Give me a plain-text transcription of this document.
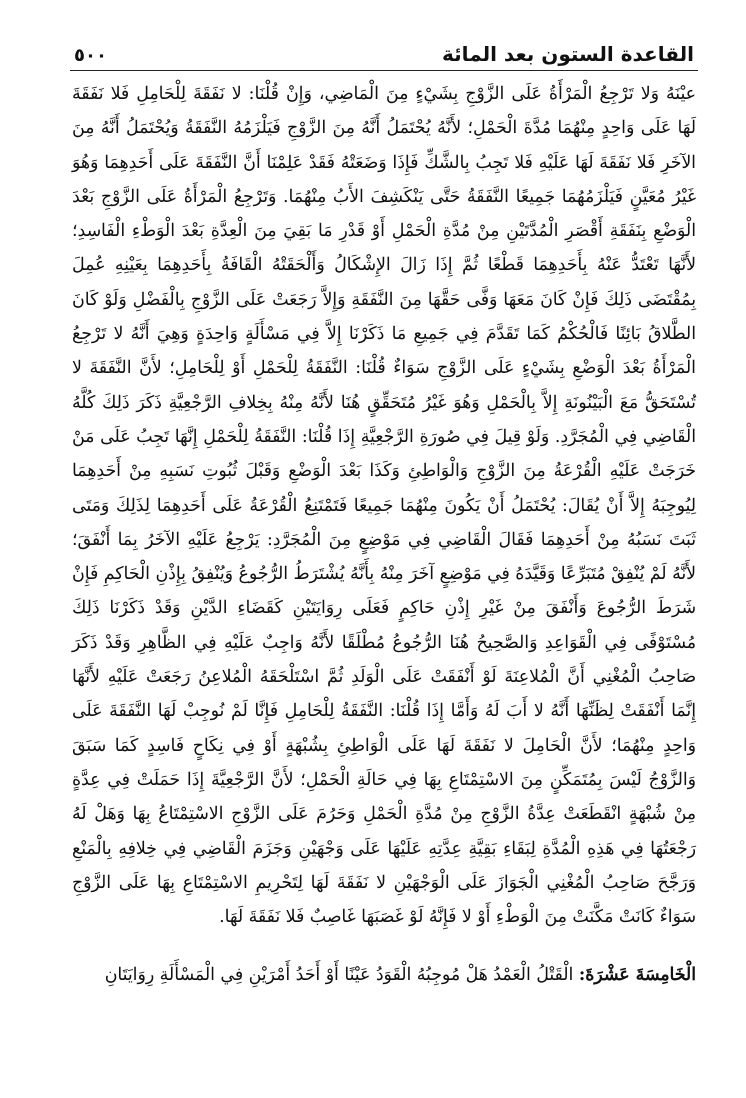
القاعدة الستون بعد المائة
٥٠٠

عيْنَهُ وَلا تَرْجِعُ الْمَرْأَةُ عَلَى الزَّوْجِ بِشَيْءٍ مِنَ الْمَاضِي، وَإِنْ قُلْنَا: لا نَفَقَةَ لِلْحَامِلِ فَلا نَفَقَةَ لَهَا عَلَى وَاحِدٍ مِنْهُمَا مُدَّةَ الْحَمْلِ؛ لأَنَّهُ يُحْتَمَلُ أَنَّهُ مِنَ الزَّوْجِ فَيَلْزَمُهُ النَّفَقَةُ وَيُحْتَمَلُ أَنَّهُ مِنَ الآخَرِ فَلا نَفَقَةَ لَهَا عَلَيْهِ فَلا تَجِبُ بِالشَّكِّ فَإِذَا وَضَعَتْهُ فَقَدْ عَلِمْنَا أَنَّ النَّفَقَةَ عَلَى أَحَدِهِمَا وَهُوَ غَيْرُ مُعَيَّنٍ فَيَلْزَمُهُمَا جَمِيعًا النَّفَقَةُ حَتَّى يَنْكَشِفَ الأَبُ مِنْهُمَا. وَتَرْجِعُ الْمَرْأَةُ عَلَى الزَّوْجِ بَعْدَ الْوَضْعِ بِنَفَقَةِ أَقْصَرِ الْمُدَّتَيْنِ مِنْ مُدَّةِ الْحَمْلِ أَوْ قَدْرِ مَا بَقِيَ مِنَ الْعِدَّةِ بَعْدَ الْوَطْءِ الْفَاسِدِ؛ لأَنَّهَا تَعْتَدُّ عَنْهُ بِأَحَدِهِمَا قَطْعًا ثُمَّ إِذَا زَالَ الإِشْكَالُ وَأَلْحَقَتْهُ الْقَافَةُ بِأَحَدِهِمَا بِعَيْنِهِ عُمِلَ بِمُقْتَضَى ذَلِكَ فَإِنْ كَانَ مَعَهَا وَفَّى حَقَّهَا مِنَ النَّفَقَةِ وَإِلاَّ رَجَعَتْ عَلَى الزَّوْجِ بِالْفَضْلِ وَلَوْ كَانَ الطَّلاقُ بَائِنًا فَالْحُكْمُ كَمَا تَقَدَّمَ فِي جَمِيعِ مَا ذَكَرْنَا إِلاَّ فِي مَسْأَلَةٍ وَاحِدَةٍ وَهِيَ أَنَّهُ لا تَرْجِعُ الْمَرْأَةُ بَعْدَ الْوَضْعِ بِشَيْءٍ عَلَى الزَّوْجِ سَوَاءٌ قُلْنَا: النَّفَقَةُ لِلْحَمْلِ أَوْ لِلْحَامِلِ؛ لأَنَّ النَّفَقَةَ لا تُسْتَحَقُّ مَعَ الْبَيْنُونَةِ إِلاَّ بِالْحَمْلِ وَهُوَ غَيْرُ مُتَحَقِّقٍ هُنَا لأَنَّهُ مِنْهُ بِخِلافِ الرَّجْعِيَّةِ ذَكَرَ ذَلِكَ كُلَّهُ الْقَاضِي فِي الْمُجَرَّدِ. وَلَوْ قِيلَ فِي صُورَةِ الرَّجْعِيَّةِ إِذَا قُلْنَا: النَّفَقَةُ لِلْحَمْلِ إِنَّهَا تَجِبُ عَلَى مَنْ خَرَجَتْ عَلَيْهِ الْقُرْعَةُ مِنَ الزَّوْجِ وَالْوَاطِئِ وَكَذَا بَعْدَ الْوَضْعِ وَقَبْلَ ثُبُوتِ نَسَبِهِ مِنْ أَحَدِهِمَا لِيُوجِبَهُ إِلاَّ أَنْ يُقَالَ: يُحْتَمَلُ أَنْ يَكُونَ مِنْهُمَا جَمِيعًا فَتَمْتَنِعُ الْقُرْعَةُ عَلَى أَحَدِهِمَا لِذَلِكَ وَمَتَى ثَبَتَ نَسَبُهُ مِنْ أَحَدِهِمَا فَقَالَ الْقَاضِي فِي مَوْضِعٍ مِنَ الْمُجَرَّدِ: يَرْجِعُ عَلَيْهِ الآخَرُ بِمَا أَنْفَقَ؛ لأَنَّهُ لَمْ يُنْفِقْ مُتَبَرِّعًا وَقَيَّدَهُ فِي مَوْضِعٍ آخَرَ مِنْهُ بِأَنَّهُ يُشْتَرَطُ الرُّجُوعُ وَيُنْفِقُ بِإِذْنِ الْحَاكِمِ فَإِنْ شَرَطَ الرُّجُوعَ وَأَنْفَقَ مِنْ غَيْرِ إِذْنِ حَاكِمٍ فَعَلَى رِوَايَتَيْنِ كَقَضَاءِ الدَّيْنِ وَقَدْ ذَكَرْنَا ذَلِكَ مُسْتَوْفًى فِي الْقَوَاعِدِ وَالصَّحِيحُ هُنَا الرُّجُوعُ مُطْلَقًا لأَنَّهُ وَاجِبٌ عَلَيْهِ فِي الظَّاهِرِ وَقَدْ ذَكَرَ صَاحِبُ الْمُغْنِي أَنَّ الْمُلاعِنَةَ لَوْ أَنْفَقَتْ عَلَى الْوَلَدِ ثُمَّ اسْتَلْحَقَهُ الْمُلاعِنُ رَجَعَتْ عَلَيْهِ لأَنَّهَا إِنَّمَا أَنْفَقَتْ لِظَنِّهَا أَنَّهُ لا أَبَ لَهُ وَأَمَّا إِذَا قُلْنَا: النَّفَقَةُ لِلْحَامِلِ فَإِنَّا لَمْ نُوجِبْ لَهَا النَّفَقَةَ عَلَى وَاحِدٍ مِنْهُمَا؛ لأَنَّ الْحَامِلَ لا نَفَقَةَ لَهَا عَلَى الْوَاطِئِ بِشُبْهَةٍ أَوْ فِي نِكَاحٍ فَاسِدٍ كَمَا سَبَقَ وَالزَّوْجُ لَيْسَ بِمُتَمَكِّنٍ مِنَ الاسْتِمْتَاعِ بِهَا فِي حَالَةِ الْحَمْلِ؛ لأَنَّ الرَّجْعِيَّةَ إِذَا حَمَلَتْ فِي عِدَّةٍ مِنْ شُبْهَةٍ انْقَطَعَتْ عِدَّةُ الزَّوْجِ مِنْ مُدَّةِ الْحَمْلِ وَحَرُمَ عَلَى الزَّوْجِ الاسْتِمْتَاعُ بِهَا وَهَلْ لَهُ رَجْعَتُهَا فِي هَذِهِ الْمُدَّةِ لِبَقَاءِ بَقِيَّةِ عِدَّتِهِ عَلَيْهَا عَلَى وَجْهَيْنِ وَجَزَمَ الْقَاضِي فِي خِلافِهِ بِالْمَنْعِ وَرَجَّحَ صَاحِبُ الْمُغْنِي الْجَوَازَ عَلَى الْوَجْهَيْنِ لا نَفَقَةَ لَهَا لِتَحْرِيمِ الاسْتِمْتَاعِ بِهَا عَلَى الزَّوْجِ سَوَاءٌ كَانَتْ مَكَّنَتْ مِنَ الْوَطْءِ أَوْ لا فَإِنَّهُ لَوْ غَصَبَهَا غَاصِبٌ فَلا نَفَقَةَ لَهَا.

الْخَامِسَةَ عَشْرَةَ: الْقَتْلُ الْعَمْدُ هَلْ مُوجِبُهُ الْقَوَدُ عَيْنًا أَوْ أَحَدُ أَمْرَيْنِ فِي الْمَسْأَلَةِ رِوَايَتَانِ
